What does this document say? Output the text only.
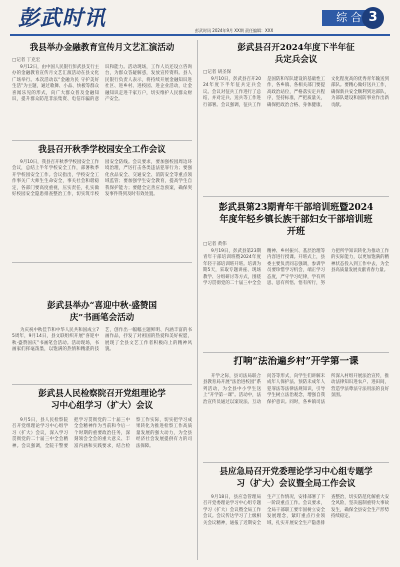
彭武时讯	综 合 3
彭武时讯 2024年9月 XX期 责任编辑：XXX
我县举办金融教育宣传月文艺汇演活动
□记者 丁克宏
9月12日，由中国人民银行彭武县支行主办的金融教育宣传月文艺汇演活动在县文化广场举行。本次活动以“金融为民 守护美好生活”为主题，通过歌舞、小品、快板等群众喜闻乐见的形式，向广大群众普及金融知识，提升群众防范非法集资、电信诈骗的意识和能力。活动现场，工作人员还设立咨询台，为群众答疑解惑，发放宣传资料。县人民银行负责人表示，将持续开展金融知识进社区、进乡村、进校园、进企业活动，让金融知识走进千家万户，切实维护人民群众财产安全。
我县召开秋季学校园安全工作会议
9月10日，我县召开秋季学校园安全工作会议，总结上半年学校安全工作，部署秋季开学校园安全工作。会议指出，学校安全工作事关广大师生生命安全，事关社会和谐稳定，各部门要高度重视，压实责任，扎实做好校园安全隐患排查整治工作，切实筑牢校园安全防线。会议要求，要加强校园周边环境治理，严厉打击各类违法犯罪行为；要强化食品安全、交通安全、消防安全等重点领域监管；要加强学生安全教育，提高学生自我保护能力；要健全完善应急预案，确保突发事件得到及时有效处置。
彭武县举办“喜迎中秋·盛赞国庆”书画笔会活动
为庆祝中秋佳节和中华人民共和国成立75周年，9月14日，县文联组织开展“喜迎中秋·盛赞国庆”书画笔会活动。活动现场，书画家们挥毫泼墨，以饱满的热情和精湛的技艺，创作出一幅幅主题鲜明、内涵丰富的书画作品，抒发了对祖国的热爱和美好祝愿，展现了全县文艺工作者积极向上的精神风貌。
彭武县人民检察院召开党组理论学习中心组学习（扩大）会议
9月5日，县人民检察院召开党组理论学习中心组学习（扩大）会议，深入学习贯彻党的二十届三中全会精神。会议强调，全院干警要把学习贯彻党的二十届三中全会精神作为当前和今后一个时期的重要政治任务，深刻领会全会的重大意义、丰富内涵和实践要求，结合检察工作实际，切实把学习成果转化为推进检察工作高质量发展的强大动力，为全县经济社会发展提供有力的司法保障。
彭武县召开2024年度下半年征兵定兵会议
□记者 胡圣保
9月10日，彭武县召开2024年度下半年征兵定兵会议。会议对征兵工作进行了总结，并对定兵、送兵等工作进行部署。会议强调，征兵工作是国防和军队建设的基础性工作，各乡镇、各相关部门要提高政治站位，严格落实定兵程序，坚持标准，严把质量关，确保把政治合格、身体健康、文化程度高的优秀青年输送到部队。要精心做好送兵工作，确保新兵安全顺利到达部队，为部队建设和国防事业作出新贡献。
彭武县第23期青年干部培训班暨2024年度年轻乡镇长族干部妇女干部培训班开班
□记者 黄伟
9月19日，彭武县第23期青年干部培训班暨2024年度年轻干部培训班开班。培训为期5天，采取专题讲座、现场教学、分组研讨等方式，围绕学习贯彻党的二十届三中全会精神、乡村振兴、基层治理等内容进行授课。开班式上，县委主要负责同志强调，参训学员要珍惜学习机会，端正学习态度，严守学习纪律，学有所思、思有所悟、悟有所行，努力把所学知识转化为推动工作的实际能力，以更加饱满的精神状态投入到工作中去，为全县高质量发展贡献青春力量。
打响“法治遍乡村”开学第一课
开学之际，县司法局联合县教育局开展“法治进校园”系列活动，为全县中小学生送上“开学第一课”。活动中，法治宣传员通过以案说法、互动问答等形式，向学生们讲解未成年人保护法、预防未成年人犯罪法等法律法规知识，引导学生树立法治观念，增强自我保护意识。同时，各乡镇司法所深入村组开展法治宣传，推动法律知识进农户、进田间，营造学法尊法守法用法的良好氛围。
县应急局召开党委理论学习中心组专题学习（扩大）会议暨全局工作会议
9月18日，县应急管理局召开党委理论学习中心组专题学习（扩大）会议暨全局工作会议。会议传达学习了上级相关会议精神，通报了近期安全生产工作情况，安排部署了下一阶段重点工作。会议要求，全局干部职工要牢固树立安全发展理念，紧盯重点行业领域，扎实开展安全生产隐患排查整治，切实防范化解重大安全风险，坚决遏制重特大事故发生，确保全县安全生产形势持续稳定。
